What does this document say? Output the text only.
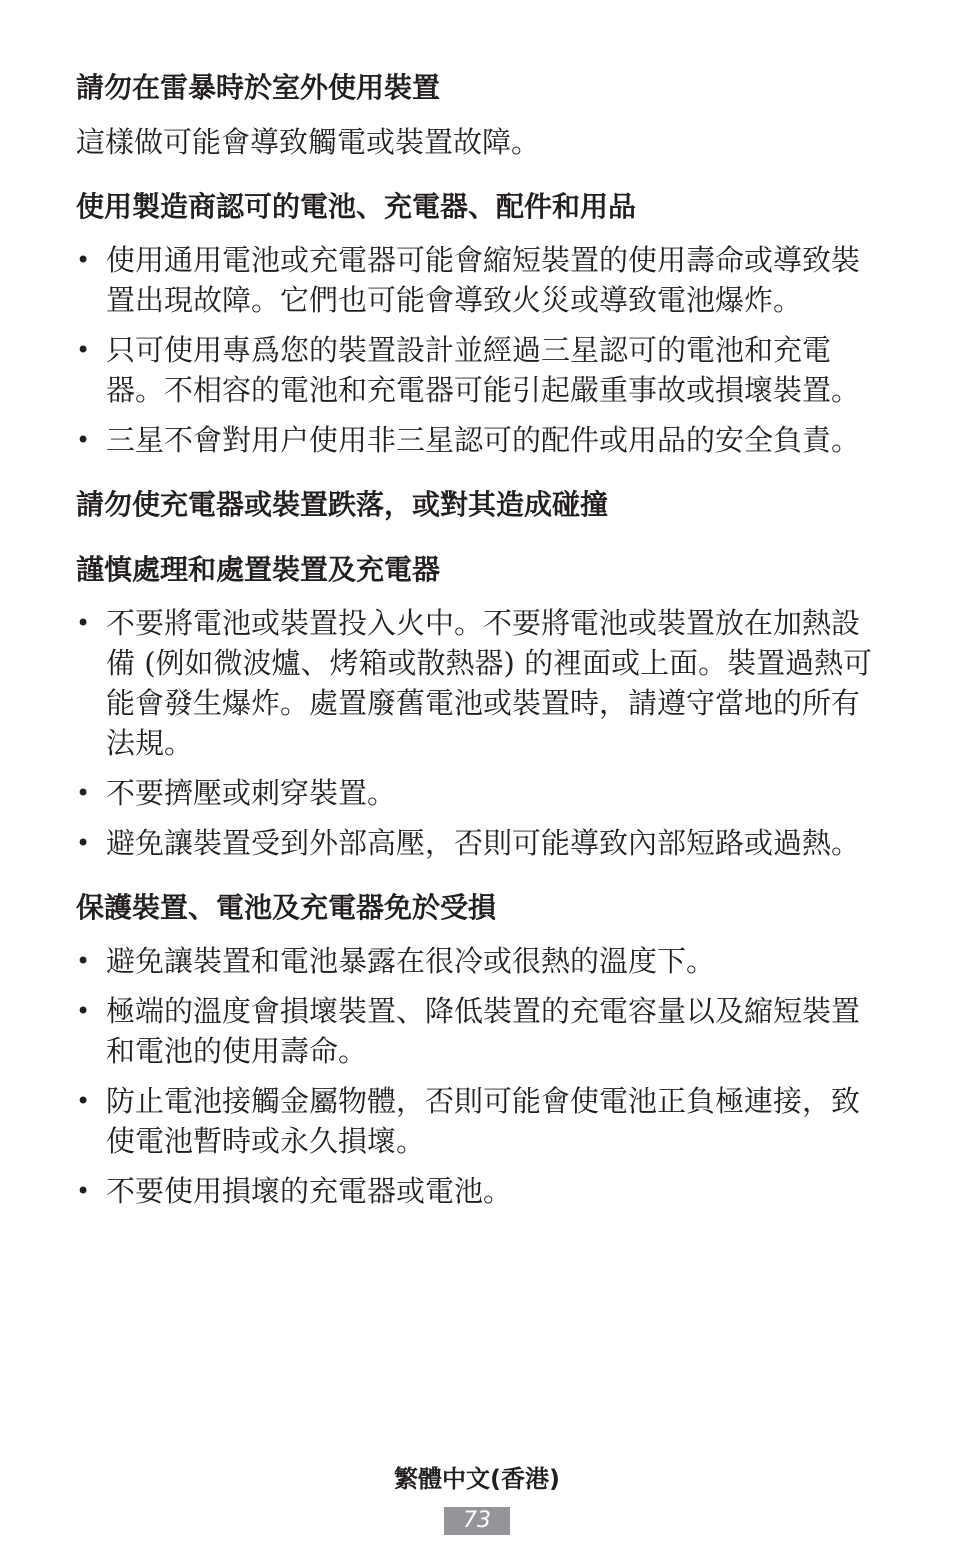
請勿在雷暴時於室外使用裝置

這樣做可能會導致觸電或裝置故障。

使用製造商認可的電池、充電器、配件和用品
• 使用通用電池或充電器可能會縮短裝置的使用壽命或導致裝置出現故障。它們也可能會導致火災或導致電池爆炸。
• 只可使用專爲您的裝置設計並經過三星認可的電池和充電器。不相容的電池和充電器可能引起嚴重事故或損壞裝置。
• 三星不會對用户使用非三星認可的配件或用品的安全負責。
請勿使充電器或裝置跌落，或對其造成碰撞
謹慎處理和處置裝置及充電器
• 不要將電池或裝置投入火中。不要將電池或裝置放在加熱設備 (例如微波爐、烤箱或散熱器) 的裡面或上面。裝置過熱可能會發生爆炸。處置廢舊電池或裝置時，請遵守當地的所有法規。
• 不要擠壓或刺穿裝置。
• 避免讓裝置受到外部高壓，否則可能導致內部短路或過熱。
保護裝置、電池及充電器免於受損
• 避免讓裝置和電池暴露在很冷或很熱的溫度下。
• 極端的溫度會損壞裝置、降低裝置的充電容量以及縮短裝置和電池的使用壽命。
• 防止電池接觸金屬物體，否則可能會使電池正負極連接，致使電池暫時或永久損壞。
• 不要使用損壞的充電器或電池。
繁體中文(香港)
73
